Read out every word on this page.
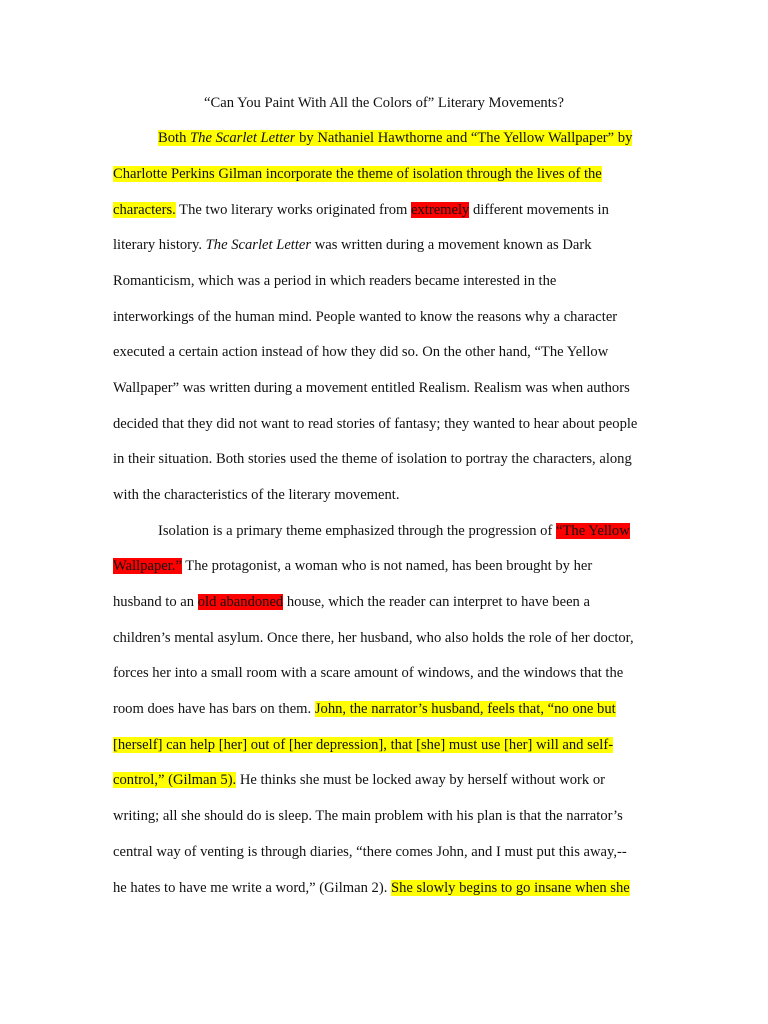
“Can You Paint With All the Colors of” Literary Movements?
Both The Scarlet Letter by Nathaniel Hawthorne and “The Yellow Wallpaper” by
Charlotte Perkins Gilman incorporate the theme of isolation through the lives of the
characters. The two literary works originated from extremely different movements in
literary history. The Scarlet Letter was written during a movement known as Dark
Romanticism, which was a period in which readers became interested in the
interworkings of the human mind. People wanted to know the reasons why a character
executed a certain action instead of how they did so. On the other hand, “The Yellow
Wallpaper” was written during a movement entitled Realism. Realism was when authors
decided that they did not want to read stories of fantasy; they wanted to hear about people
in their situation. Both stories used the theme of isolation to portray the characters, along
with the characteristics of the literary movement.
Isolation is a primary theme emphasized through the progression of “The Yellow
Wallpaper.” The protagonist, a woman who is not named, has been brought by her
husband to an old abandoned house, which the reader can interpret to have been a
children’s mental asylum. Once there, her husband, who also holds the role of her doctor,
forces her into a small room with a scare amount of windows, and the windows that the
room does have has bars on them. John, the narrator’s husband, feels that, “no one but
[herself] can help [her] out of [her depression], that [she] must use [her] will and self-
control,” (Gilman 5). He thinks she must be locked away by herself without work or
writing; all she should do is sleep. The main problem with his plan is that the narrator’s
central way of venting is through diaries, “there comes John, and I must put this away,--
he hates to have me write a word,” (Gilman 2). She slowly begins to go insane when she
